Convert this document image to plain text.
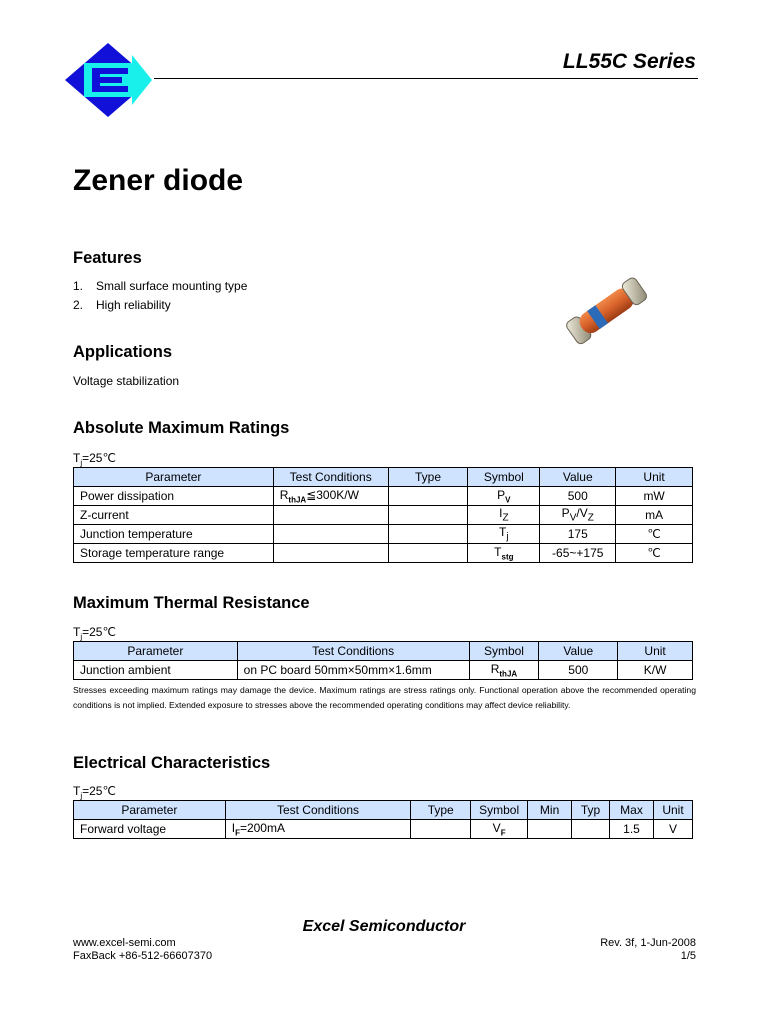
LL55C Series
Zener diode
Features
1. Small surface mounting type
2. High reliability
Applications
Voltage stabilization
Absolute Maximum Ratings
$T_j=25℃$
Parameter	Test Conditions	Type	Symbol	Value	Unit
Power dissipation	$R_{thJA}≦300K/W$		$P_V$	500	mW
Z-current			$I_Z$	$P_V/V_Z$	mA
Junction temperature			$T_j$	175	℃
Storage temperature range			$T_{stg}$	-65~+175	℃
Maximum Thermal Resistance
$T_j=25℃$
Parameter	Test Conditions	Symbol	Value	Unit
Junction ambient	on PC board 50mm×50mm×1.6mm	$R_{thJA}$	500	K/W
Stresses exceeding maximum ratings may damage the device. Maximum ratings are stress ratings only. Functional operation above the recommended operating conditions is not implied. Extended exposure to stresses above the recommended operating conditions may affect device reliability.
Electrical Characteristics
$T_j=25℃$
Parameter	Test Conditions	Type	Symbol	Min	Typ	Max	Unit
Forward voltage	$I_F=200mA$		$V_F$			1.5	V
Excel Semiconductor
www.excel-semi.com
FaxBack +86-512-66607370
Rev. 3f, 1-Jun-2008
1/5
